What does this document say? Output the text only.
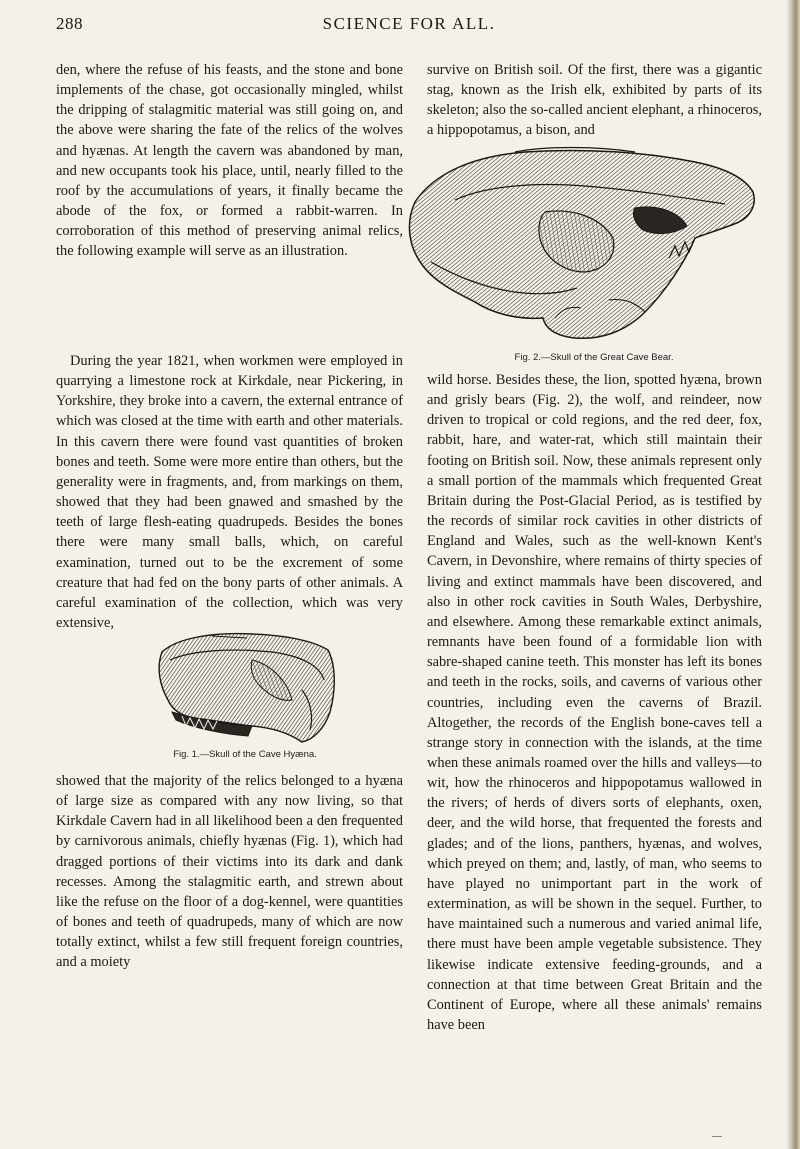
288	SCIENCE FOR ALL.

den, where the refuse of his feasts, and the stone and bone implements of the chase, got occasionally mingled, whilst the dripping of stalagmitic material was still going on, and the above were sharing the fate of the relics of the wolves and hyænas. At length the cavern was abandoned by man, and new occupants took his place, until, nearly filled to the roof by the accumulations of years, it finally became the abode of the fox, or formed a rabbit-warren. In corroboration of this method of preserving animal relics, the following example will serve as an illustration.

During the year 1821, when workmen were employed in quarrying a limestone rock at Kirkdale, near Pickering, in Yorkshire, they broke into a cavern, the external entrance of which was closed at the time with earth and other materials. In this cavern there were found vast quantities of broken bones and teeth. Some were more entire than others, but the generality were in fragments, and, from markings on them, showed that they had been gnawed and smashed by the teeth of large flesh-eating quadrupeds. Besides the bones there were many small balls, which, on careful examination, turned out to be the excrement of some creature that had fed on the bony parts of other animals. A careful examination of the collection, which was very extensive,

Fig. 1.—Skull of the Cave Hyæna.

showed that the majority of the relics belonged to a hyæna of large size as compared with any now living, so that Kirkdale Cavern had in all likelihood been a den frequented by carnivorous animals, chiefly hyænas (Fig. 1), which had dragged portions of their victims into its dark and dank recesses. Among the stalagmitic earth, and strewn about like the refuse on the floor of a dog-kennel, were quantities of bones and teeth of quadrupeds, many of which are now totally extinct, whilst a few still frequent foreign countries, and a moiety

survive on British soil. Of the first, there was a gigantic stag, known as the Irish elk, exhibited by parts of its skeleton; also the so-called ancient elephant, a rhinoceros, a hippopotamus, a bison, and

Fig. 2.—Skull of the Great Cave Bear.

wild horse. Besides these, the lion, spotted hyæna, brown and grisly bears (Fig. 2), the wolf, and reindeer, now driven to tropical or cold regions, and the red deer, fox, rabbit, hare, and water-rat, which still maintain their footing on British soil. Now, these animals represent only a small portion of the mammals which frequented Great Britain during the Post-Glacial Period, as is testified by the records of similar rock cavities in other districts of England and Wales, such as the well-known Kent's Cavern, in Devonshire, where remains of thirty species of living and extinct mammals have been discovered, and also in other rock cavities in South Wales, Derbyshire, and elsewhere. Among these remarkable extinct animals, remnants have been found of a formidable lion with sabre-shaped canine teeth. This monster has left its bones and teeth in the rocks, soils, and caverns of various other countries, including even the caverns of Brazil. Altogether, the records of the English bone-caves tell a strange story in connection with the islands, at the time when these animals roamed over the hills and valleys—to wit, how the rhinoceros and hippopotamus wallowed in the rivers; of herds of divers sorts of elephants, oxen, deer, and the wild horse, that frequented the forests and glades; and of the lions, panthers, hyænas, and wolves, which preyed on them; and, lastly, of man, who seems to have played no unimportant part in the work of extermination, as will be shown in the sequel. Further, to have maintained such a numerous and varied animal life, there must have been ample vegetable subsistence. They likewise indicate extensive feeding-grounds, and a connection at that time between Great Britain and the Continent of Europe, where all these animals' remains have been
